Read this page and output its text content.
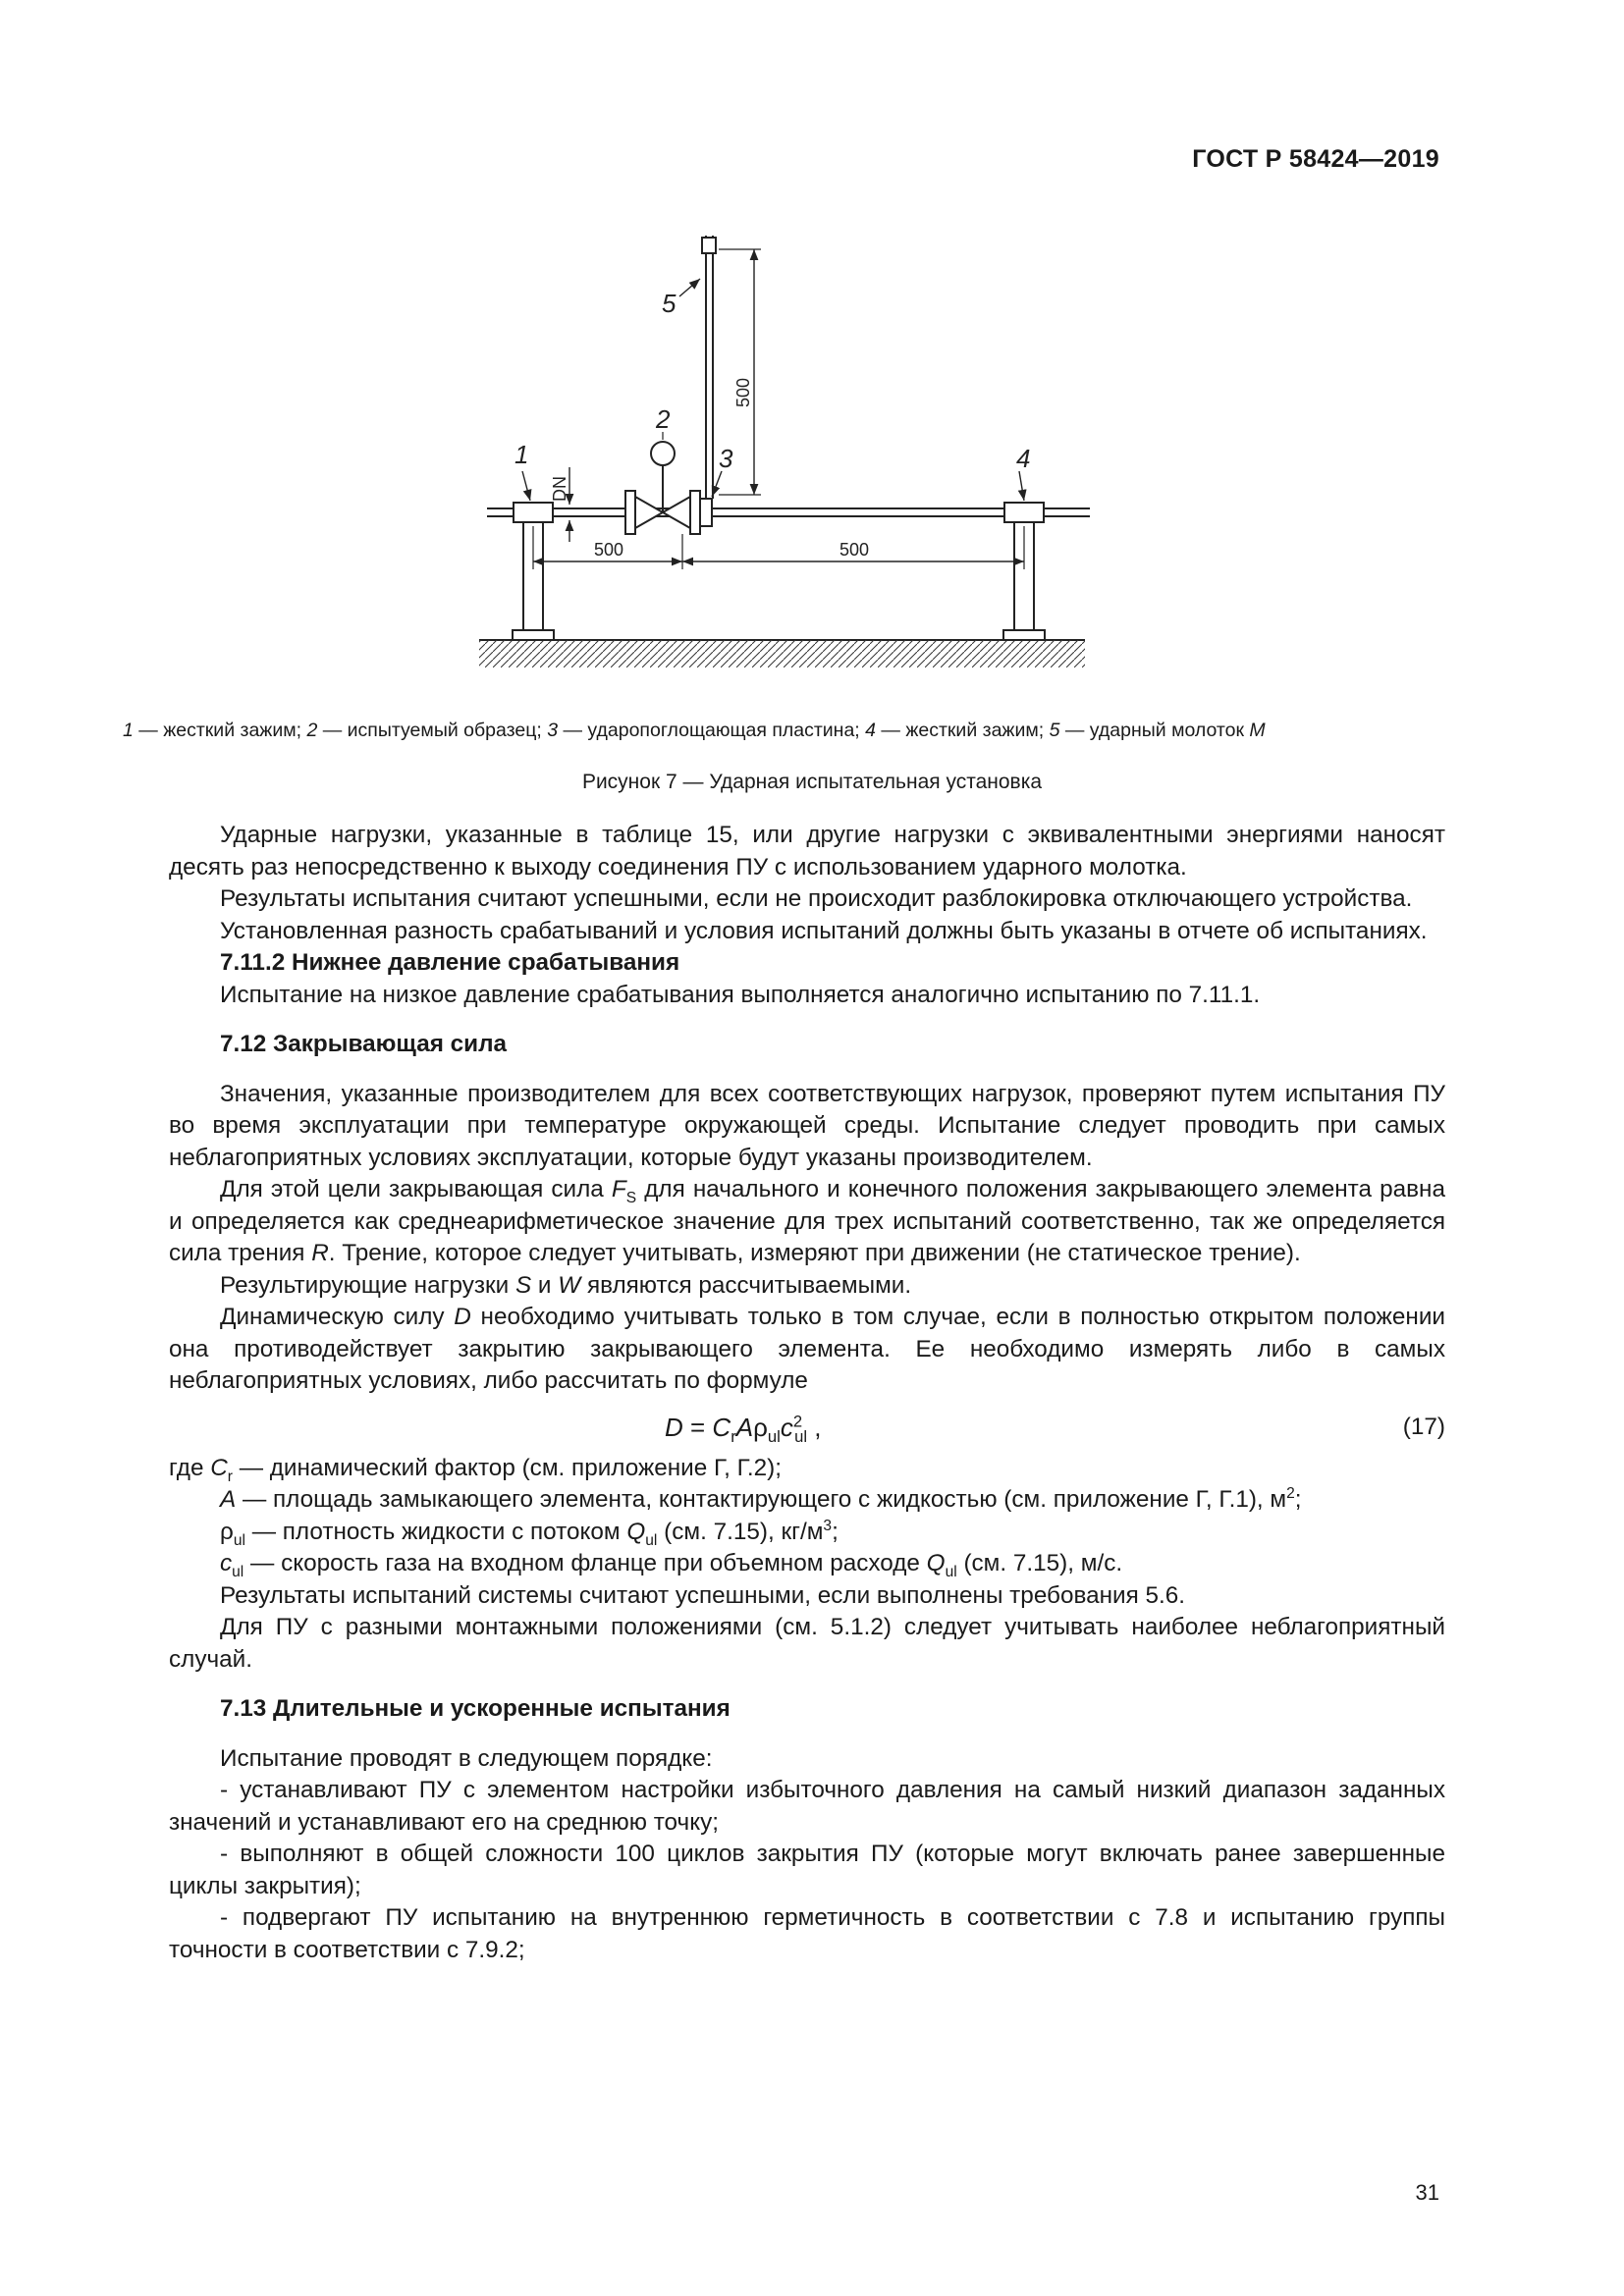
ГОСТ Р 58424—2019
1
2
3	4
5
500
500	500
DN
1 — жесткий зажим; 2 — испытуемый образец; 3 — ударопоглощающая пластина; 4 — жесткий зажим; 5 — ударный молоток M
Рисунок 7 — Ударная испытательная установка

Ударные нагрузки, указанные в таблице 15, или другие нагрузки с эквивалентными энергиями наносят десять раз непосредственно к выходу соединения ПУ с использованием ударного молотка.

Результаты испытания считают успешными, если не происходит разблокировка отключающего устройства.

Установленная разность срабатываний и условия испытаний должны быть указаны в отчете об испытаниях.

7.11.2 Нижнее давление срабатывания

Испытание на низкое давление срабатывания выполняется аналогично испытанию по 7.11.1.

7.12 Закрывающая сила

Значения, указанные производителем для всех соответствующих нагрузок, проверяют путем испытания ПУ во время эксплуатации при температуре окружающей среды. Испытание следует проводить при самых неблагоприятных условиях эксплуатации, которые будут указаны производителем.

Для этой цели закрывающая сила $F_S$ для начального и конечного положения закрывающего элемента равна и определяется как среднеарифметическое значение для трех испытаний соответственно, так же определяется сила трения R. Трение, которое следует учитывать, измеряют при движении (не статическое трение).

Результирующие нагрузки S и W являются рассчитываемыми.

Динамическую силу D необходимо учитывать только в том случае, если в полностью открытом положении она противодействует закрытию закрывающего элемента. Ее необходимо измерять либо в самых неблагоприятных условиях, либо рассчитать по формуле

$D = C_rA\rho_{ul}c^2_{ul}$ ,	(17)
где $C_r$ — динамический фактор (см. приложение Г, Г.2);
A — площадь замыкающего элемента, контактирующего с жидкостью (см. приложение Г, Г.1), $м^2$;
$\rho_{ul}$ — плотность жидкости с потоком $Q_{ul}$ (см. 7.15), $кг/м^3$;
$c_{ul}$ — скорость газа на входном фланце при объемном расходе $Q_{ul}$ (см. 7.15), м/с.

Результаты испытаний системы считают успешными, если выполнены требования 5.6.

Для ПУ с разными монтажными положениями (см. 5.1.2) следует учитывать наиболее неблагоприятный случай.

7.13 Длительные и ускоренные испытания

Испытание проводят в следующем порядке:

- устанавливают ПУ с элементом настройки избыточного давления на самый низкий диапазон заданных значений и устанавливают его на среднюю точку;

- выполняют в общей сложности 100 циклов закрытия ПУ (которые могут включать ранее завершенные циклы закрытия);

- подвергают ПУ испытанию на внутреннюю герметичность в соответствии с 7.8 и испытанию группы точности в соответствии с 7.9.2;

31
